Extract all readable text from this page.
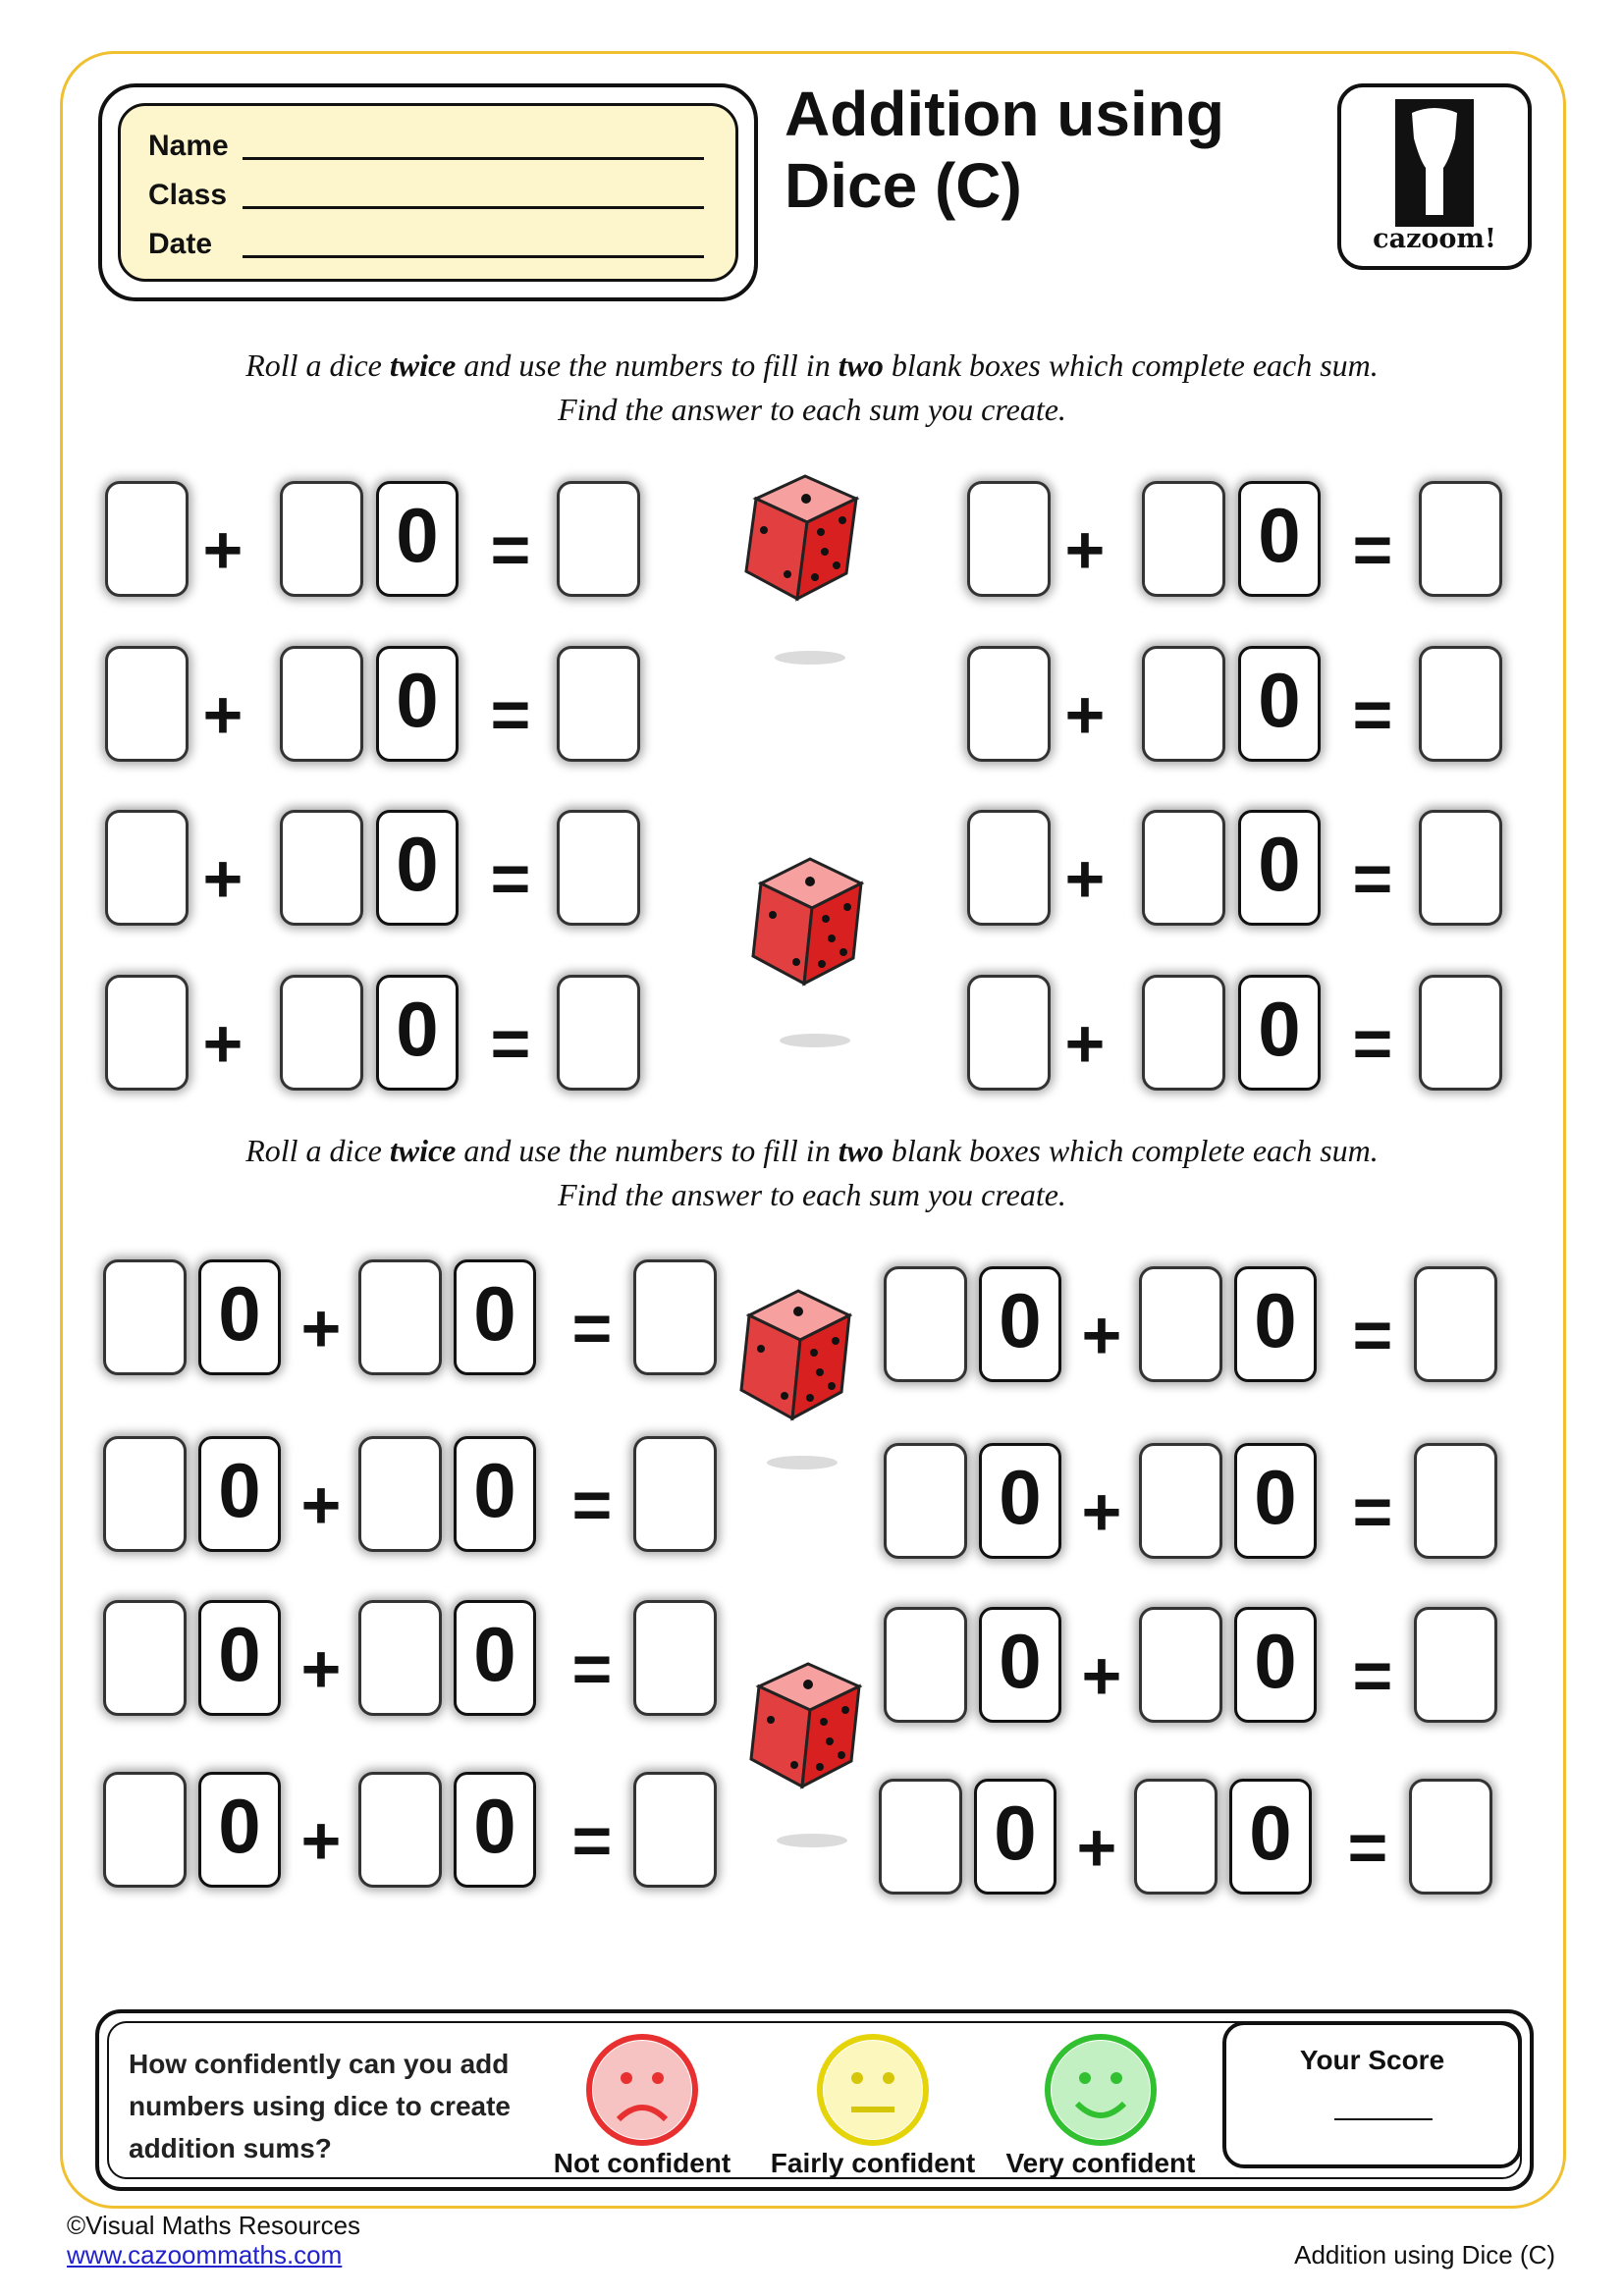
Name
Class
Date
Addition using
Dice (C)
cazoom!
Roll a dice twice and use the numbers to fill in two blank boxes which complete each sum.
Find the answer to each sum you create.
Roll a dice twice and use the numbers to fill in two blank boxes which complete each sum.
Find the answer to each sum you create.
+ 0 =
+ 0 =
+ 0 =
+ 0 =
+ 0 =
+ 0 =
+ 0 =
+ 0 =
0 + 0 =
0 + 0 =
0 + 0 =
0 + 0 =
0 + 0 =
0 + 0 =
0 + 0 =
0 + 0 =
How confidently can you add numbers using dice to create addition sums?	Not confident	Fairly confident	Very confident
Your Score
©Visual Maths Resources
www.cazoommaths.com	Addition using Dice (C)
